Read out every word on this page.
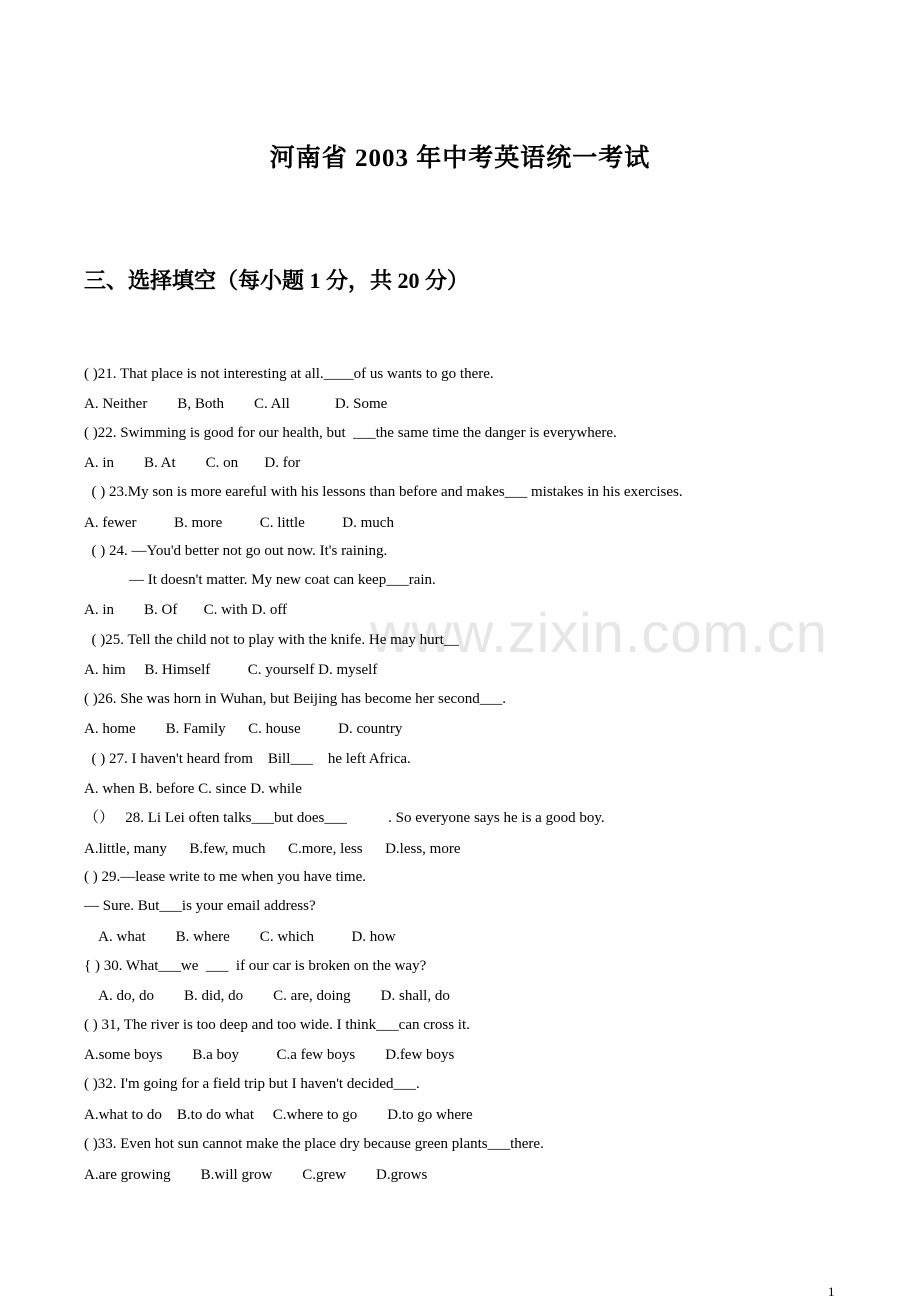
河南省 2003 年中考英语统一考试
三、选择填空（每小题 1 分，共 20 分）
www.zixin.com.cn
( )21. That place is not interesting at all.____of us wants to go there.
A. Neither        B, Both        C. All            D. Some
( )22. Swimming is good for our health, but  ___the same time the danger is everywhere.
A. in        B. At        C. on       D. for
( ) 23.My son is more eareful with his lessons than before and makes___ mistakes in his exercises.
A. fewer          B. more          C. little          D. much
( ) 24. —You'd better not go out now. It's raining.
— It doesn't matter. My new coat can keep___rain.
A. in        B. Of       C. with D. off
( )25. Tell the child not to play with the knife. He may hurt__
A. him     B. Himself          C. yourself D. myself
( )26. She was horn in Wuhan, but Beijing has become her second___.
A. home        B. Family      C. house          D. country
( ) 27. I haven't heard from    Bill___    he left Africa.
A. when B. before C. since D. while
（）   28. Li Lei often talks___but does___           . So everyone says he is a good boy.
A.little, many      B.few, much      C.more, less      D.less, more
( ) 29.—lease write to me when you have time.
— Sure. But___is your email address?
A. what        B. where        C. which          D. how
{ ) 30. What___we  ___  if our car is broken on the way?
A. do, do        B. did, do        C. are, doing        D. shall, do
( ) 31, The river is too deep and too wide. I think___can cross it.
A.some boys        B.a boy          C.a few boys        D.few boys
( )32. I'm going for a field trip but I haven't decided___.
A.what to do    B.to do what     C.where to go        D.to go where
( )33. Even hot sun cannot make the place dry because green plants___there.
A.are growing        B.will grow        C.grew        D.grows
1
